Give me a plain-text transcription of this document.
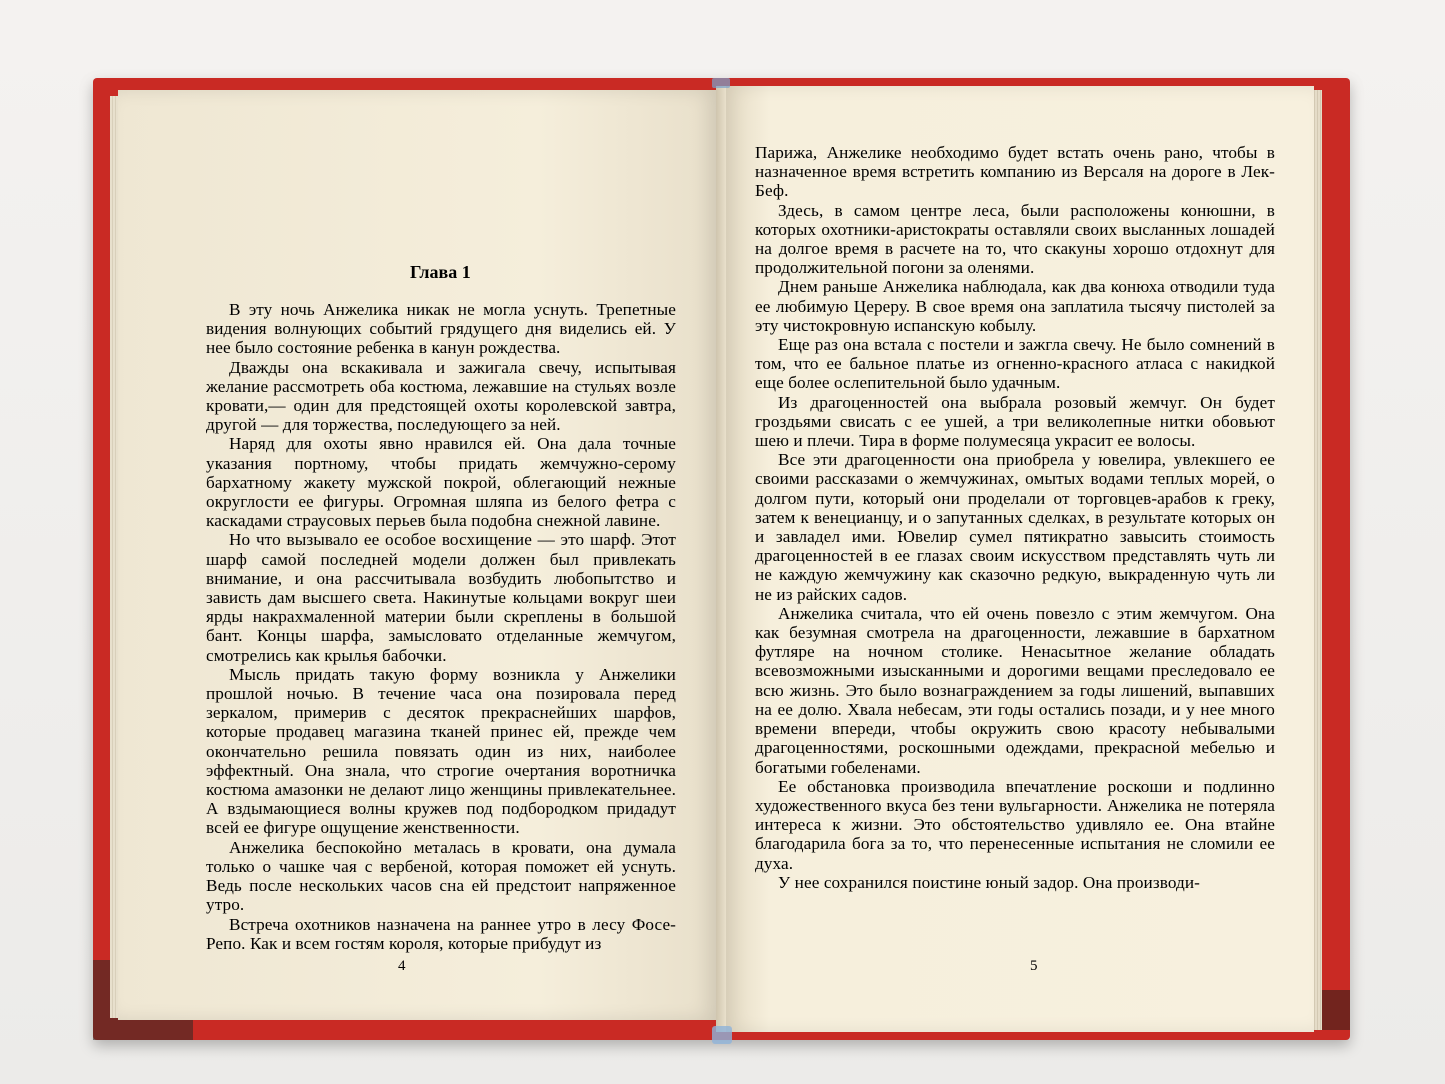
Глава 1

В эту ночь Анжелика никак не могла уснуть. Трепетные видения волнующих событий грядущего дня виделись ей. У нее было состояние ребенка в канун рождества.

Дважды она вскакивала и зажигала свечу, испытывая желание рассмотреть оба костюма, лежавшие на стульях возле кровати,— один для предстоящей охоты королевской завтра, другой — для торжества, последующего за ней.

Наряд для охоты явно нравился ей. Она дала точные указания портному, чтобы придать жемчужно-серому бархатному жакету мужской покрой, облегающий нежные округлости ее фигуры. Огромная шляпа из белого фетра с каскадами страусовых перьев была подобна снежной лавине.

Но что вызывало ее особое восхищение — это шарф. Этот шарф самой последней модели должен был привлекать внимание, и она рассчитывала возбудить любопытство и зависть дам высшего света. Накинутые кольцами вокруг шеи ярды накрахмаленной материи были скреплены в большой бант. Концы шарфа, замысловато отделанные жемчугом, смотрелись как крылья бабочки.

Мысль придать такую форму возникла у Анжелики прошлой ночью. В течение часа она позировала перед зеркалом, примерив с десяток прекраснейших шарфов, которые продавец магазина тканей принес ей, прежде чем окончательно решила повязать один из них, наиболее эффектный. Она знала, что строгие очертания воротничка костюма амазонки не делают лицо женщины привлекательнее. А вздымающиеся волны кружев под подбородком придадут всей ее фигуре ощущение женственности.

Анжелика беспокойно металась в кровати, она думала только о чашке чая с вербеной, которая поможет ей уснуть. Ведь после нескольких часов сна ей предстоит напряженное утро.

Встреча охотников назначена на раннее утро в лесу Фосе-Репо. Как и всем гостям короля, которые прибудут из

Парижа, Анжелике необходимо будет встать очень рано, чтобы в назначенное время встретить компанию из Версаля на дороге в Лек-Беф.

Здесь, в самом центре леса, были расположены конюшни, в которых охотники-аристократы оставляли своих высланных лошадей на долгое время в расчете на то, что скакуны хорошо отдохнут для продолжительной погони за оленями.

Днем раньше Анжелика наблюдала, как два конюха отводили туда ее любимую Цереру. В свое время она заплатила тысячу пистолей за эту чистокровную испанскую кобылу.

Еще раз она встала с постели и зажгла свечу. Не было сомнений в том, что ее бальное платье из огненно-красного атласа с накидкой еще более ослепительной было удачным.

Из драгоценностей она выбрала розовый жемчуг. Он будет гроздьями свисать с ее ушей, а три великолепные нитки обовьют шею и плечи. Тира в форме полумесяца украсит ее волосы.

Все эти драгоценности она приобрела у ювелира, увлекшего ее своими рассказами о жемчужинах, омытых водами теплых морей, о долгом пути, который они проделали от торговцев-арабов к греку, затем к венецианцу, и о запутанных сделках, в результате которых он и завладел ими. Ювелир сумел пятикратно завысить стоимость драгоценностей в ее глазах своим искусством представлять чуть ли не каждую жемчужину как сказочно редкую, выкраденную чуть ли не из райских садов.

Анжелика считала, что ей очень повезло с этим жемчугом. Она как безумная смотрела на драгоценности, лежавшие в бархатном футляре на ночном столике. Ненасытное желание обладать всевозможными изысканными и дорогими вещами преследовало ее всю жизнь. Это было вознаграждением за годы лишений, выпавших на ее долю. Хвала небесам, эти годы остались позади, и у нее много времени впереди, чтобы окружить свою красоту небывалыми драгоценностями, роскошными одеждами, прекрасной мебелью и богатыми гобеленами.

Ее обстановка производила впечатление роскоши и подлинно художественного вкуса без тени вульгарности. Анжелика не потеряла интереса к жизни. Это обстоятельство удивляло ее. Она втайне благодарила бога за то, что перенесенные испытания не сломили ее духа.

У нее сохранился поистине юный задор. Она производи-

4	5
